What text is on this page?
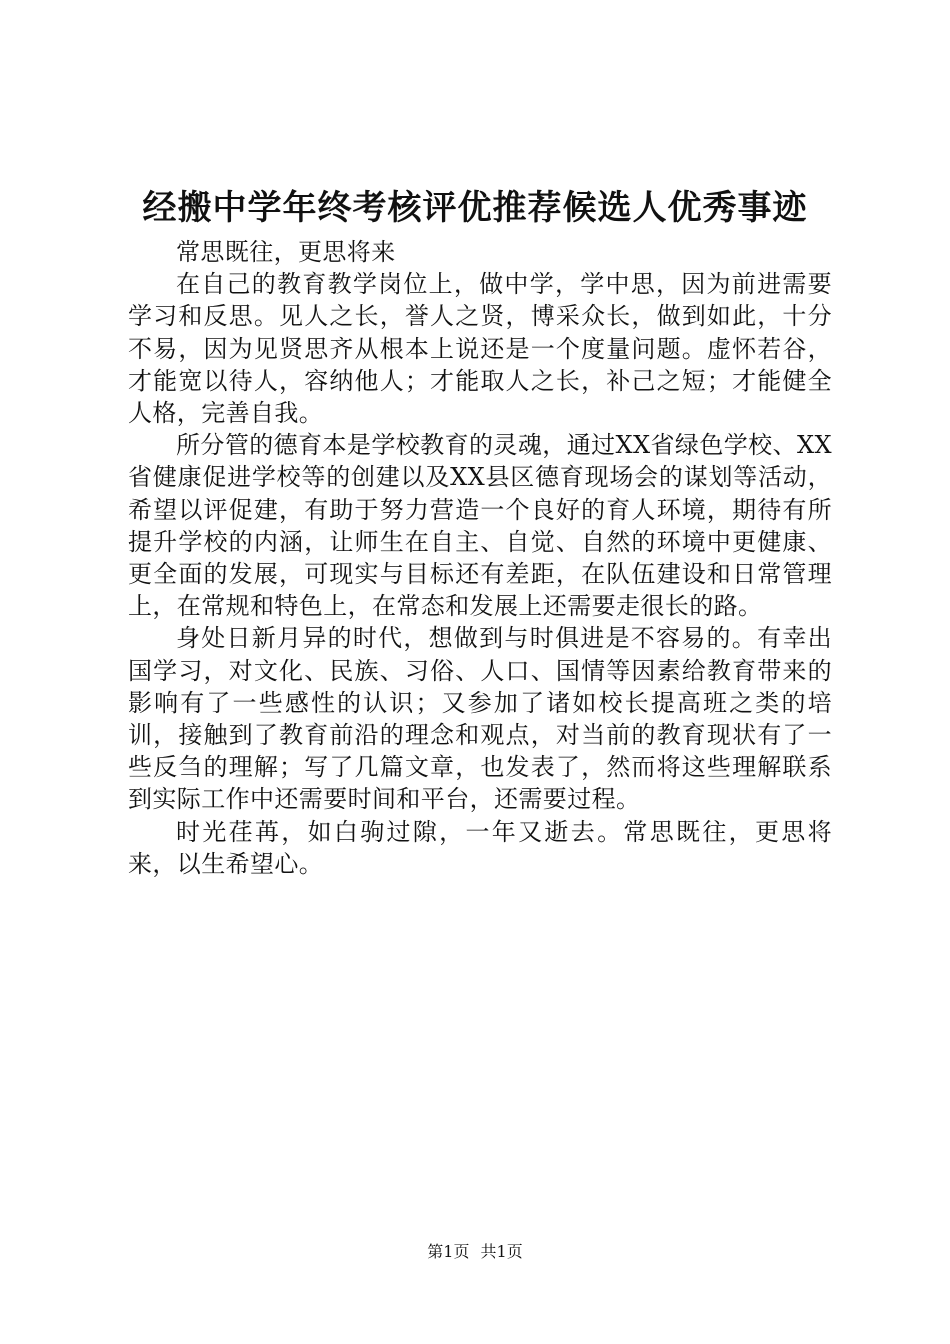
经搬中学年终考核评优推荐候选人优秀事迹

常思既往，更思将来

在自己的教育教学岗位上，做中学，学中思，因为前进需要学习和反思。见人之长，誉人之贤，博采众长，做到如此，十分不易，因为见贤思齐从根本上说还是一个度量问题。虚怀若谷，才能宽以待人，容纳他人；才能取人之长，补己之短；才能健全人格，完善自我。

所分管的德育本是学校教育的灵魂，通过XX省绿色学校、XX省健康促进学校等的创建以及XX县区德育现场会的谋划等活动，希望以评促建，有助于努力营造一个良好的育人环境，期待有所提升学校的内涵，让师生在自主、自觉、自然的环境中更健康、更全面的发展，可现实与目标还有差距，在队伍建设和日常管理上，在常规和特色上，在常态和发展上还需要走很长的路。

身处日新月异的时代，想做到与时俱进是不容易的。有幸出国学习，对文化、民族、习俗、人口、国情等因素给教育带来的影响有了一些感性的认识；又参加了诸如校长提高班之类的培训，接触到了教育前沿的理念和观点，对当前的教育现状有了一些反刍的理解；写了几篇文章，也发表了，然而将这些理解联系到实际工作中还需要时间和平台，还需要过程。

时光荏苒，如白驹过隙，一年又逝去。常思既往，更思将来，以生希望心。

第1页 共1页
